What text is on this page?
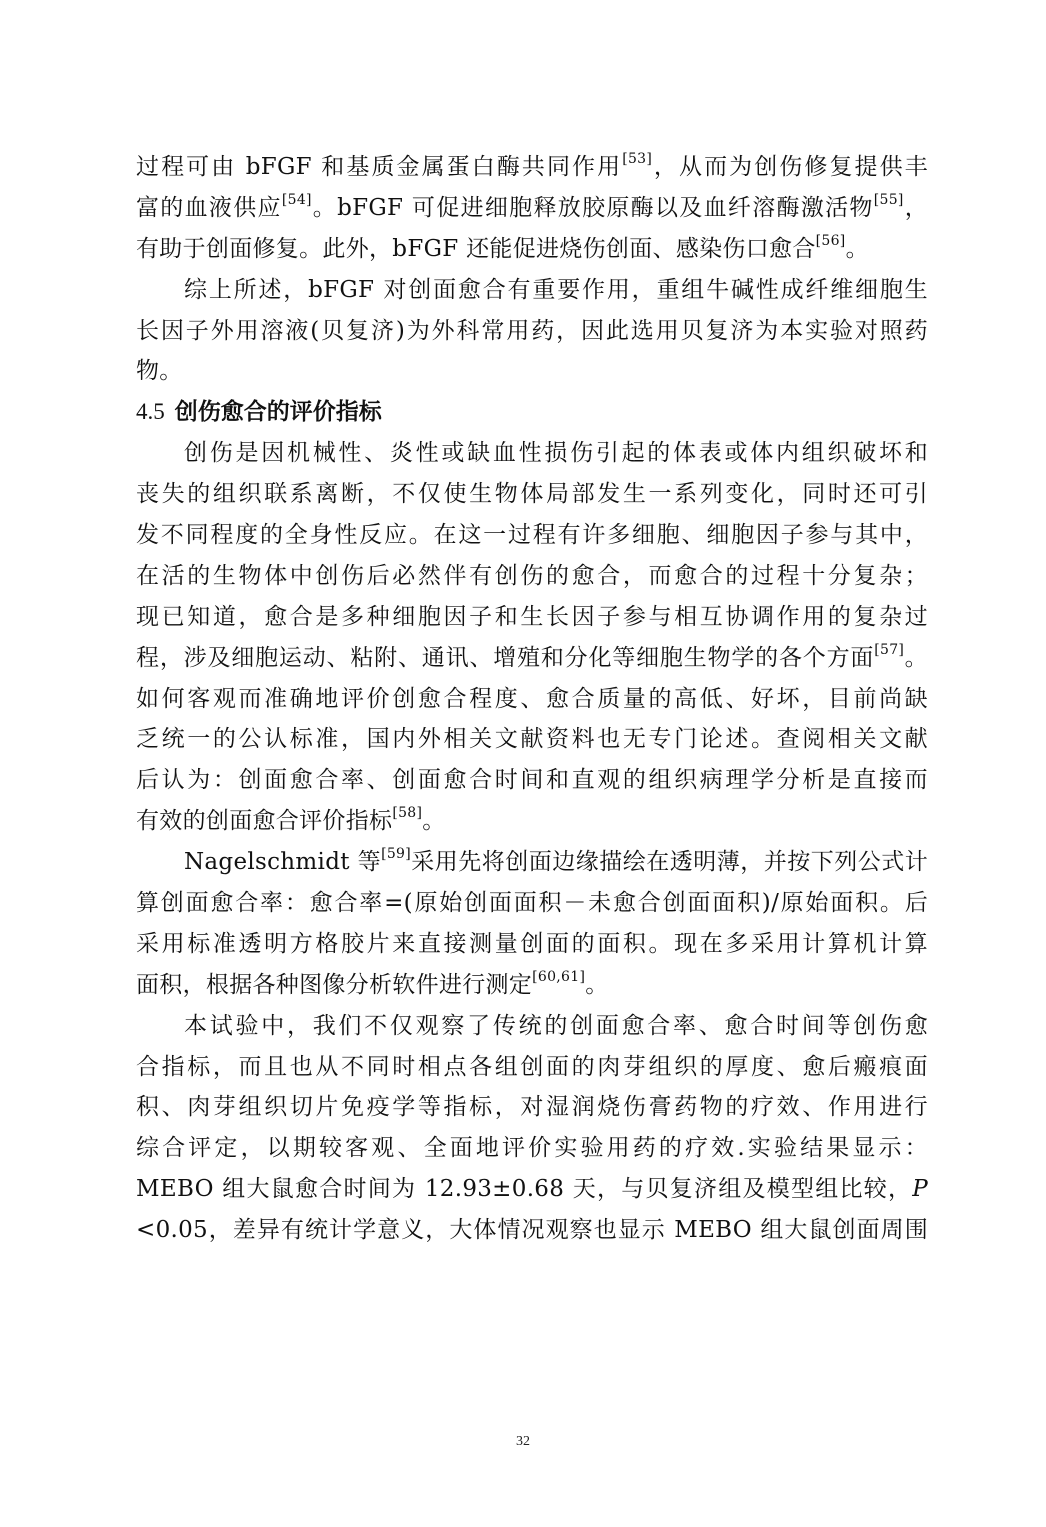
过程可由 bFGF 和基质金属蛋白酶共同作用[53]，从而为创伤修复提供丰
富的血液供应[54]。bFGF 可促进细胞释放胶原酶以及血纤溶酶激活物[55]，
有助于创面修复。此外，bFGF 还能促进烧伤创面、感染伤口愈合[56]。
综上所述，bFGF 对创面愈合有重要作用，重组牛碱性成纤维细胞生
长因子外用溶液(贝复济)为外科常用药，因此选用贝复济为本实验对照药
物。
4.5 创伤愈合的评价指标
创伤是因机械性、炎性或缺血性损伤引起的体表或体内组织破坏和
丧失的组织联系离断，不仅使生物体局部发生一系列变化，同时还可引
发不同程度的全身性反应。在这一过程有许多细胞、细胞因子参与其中，
在活的生物体中创伤后必然伴有创伤的愈合，而愈合的过程十分复杂；
现已知道，愈合是多种细胞因子和生长因子参与相互协调作用的复杂过
程，涉及细胞运动、粘附、通讯、增殖和分化等细胞生物学的各个方面[57]。
如何客观而准确地评价创愈合程度、愈合质量的高低、好坏，目前尚缺
乏统一的公认标准，国内外相关文献资料也无专门论述。查阅相关文献
后认为：创面愈合率、创面愈合时间和直观的组织病理学分析是直接而
有效的创面愈合评价指标[58]。
Nagelschmidt 等[59]采用先将创面边缘描绘在透明薄，并按下列公式计
算创面愈合率：愈合率=(原始创面面积－未愈合创面面积)/原始面积。后
采用标准透明方格胶片来直接测量创面的面积。现在多采用计算机计算
面积，根据各种图像分析软件进行测定[60,61]。
本试验中，我们不仅观察了传统的创面愈合率、愈合时间等创伤愈
合指标，而且也从不同时相点各组创面的肉芽组织的厚度、愈后瘢痕面
积、肉芽组织切片免疫学等指标，对湿润烧伤膏药物的疗效、作用进行
综合评定，以期较客观、全面地评价实验用药的疗效.实验结果显示：
MEBO 组大鼠愈合时间为 12.93±0.68 天，与贝复济组及模型组比较，P
<0.05，差异有统计学意义，大体情况观察也显示 MEBO 组大鼠创面周围
32
